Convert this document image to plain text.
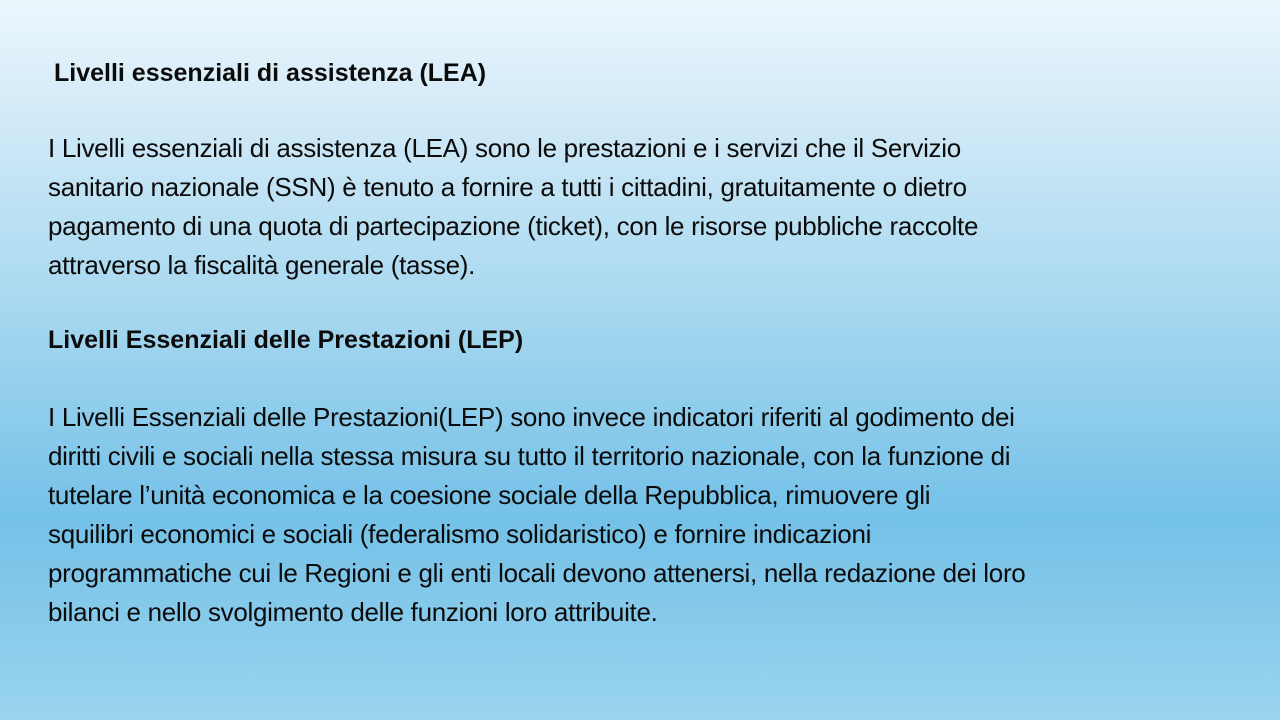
Livelli essenziali di assistenza (LEA)

I Livelli essenziali di assistenza (LEA) sono le prestazioni e i servizi che il Servizio
sanitario nazionale (SSN) è tenuto a fornire a tutti i cittadini, gratuitamente o dietro
pagamento di una quota di partecipazione (ticket), con le risorse pubbliche raccolte
attraverso la fiscalità generale (tasse).

Livelli Essenziali delle Prestazioni (LEP)

I Livelli Essenziali delle Prestazioni(LEP) sono invece indicatori riferiti al godimento dei
diritti civili e sociali nella stessa misura su tutto il territorio nazionale, con la funzione di
tutelare l’unità economica e la coesione sociale della Repubblica, rimuovere gli
squilibri economici e sociali (federalismo solidaristico) e fornire indicazioni
programmatiche cui le Regioni e gli enti locali devono attenersi, nella redazione dei loro
bilanci e nello svolgimento delle funzioni loro attribuite.
